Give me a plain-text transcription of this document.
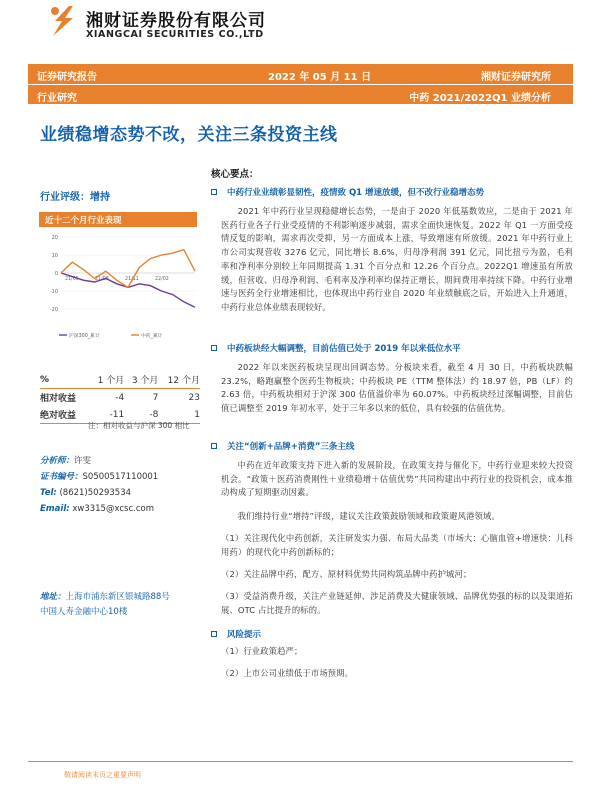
湘财证券股份有限公司
XIANGCAI SECURITIES CO.,LTD
证券研究报告	2022 年 05 月 11 日	湘财证券研究所
行业研究	中药 2021/2022Q1 业绩分析
业绩稳增态势不改，关注三条投资主线
行业评级：增持
近十二个月行业表现
20
10
0
-10
-20
21/05	21/08	21/11	22/02
沪深300_累计	中药_累计
%	1 个月	3 个月	12 个月
相对收益	-4	7	23
绝对收益	-11	-8	1
注：相对收益与沪深 300 相比
分析师：许雯
证书编号：S0500517110001
Tel: (8621)50293534
Email: xw3315@xcsc.com
地址：上海市浦东新区银城路88号
中国人寿金融中心10楼
核心要点：
中药行业业绩彰显韧性，疫情致 Q1 增速放缓，但不改行业稳增态势
2021 年中药行业呈现稳健增长态势，一是由于 2020 年低基数效应，二是由于 2021 年医药行业各子行业受疫情的不利影响逐步减弱，需求全面快速恢复。2022 年 Q1 一方面受疫情反复的影响，需求再次受抑，另一方面成本上涨，导致增速有所放缓。2021 年中药行业上市公司实现营收 3276 亿元，同比增长 8.6%，归母净利润 391 亿元，同比扭亏为盈，毛利率和净利率分别较上年同期提高 1.31 个百分点和 12.26 个百分点。2022Q1 增速虽有所放缓，但营收、归母净利润、毛利率及净利率均保持正增长，期间费用率持续下降。中药行业增速与医药全行业增速相比，也体现出中药行业自 2020 年业绩触底之后，开始进入上升通道，中药行业总体业绩表现较好。
中药板块经大幅调整，目前估值已处于 2019 年以来低位水平
2022 年以来医药板块呈现出回调态势。分板块来看，截至 4 月 30 日，中药板块跌幅 23.2%，略跑赢整个医药生物板块；中药板块 PE（TTM 整体法）约 18.97 倍，PB（LF）约 2.63 倍，中药板块相对于沪深 300 估值溢价率为 60.07%。中药板块经过深幅调整，目前估值已调整至 2019 年初水平，处于三年多以来的低位，具有较强的估值优势。
关注“创新+品牌+消费”三条主线
中药在近年政策支持下进入新的发展阶段，在政策支持与催化下，中药行业迎来较大投资机会。“政策＋医药消费刚性＋业绩稳增＋估值优势”共同构建出中药行业的投资机会，成本推动构成了短期驱动因素。
我们维持行业“增持”评级，建议关注政策鼓励领域和政策避风港领域。
（1）关注现代化中药创新，关注研发实力强、布局大品类（市场大：心脑血管+增速快：儿科用药）的现代化中药创新标的；
（2）关注品牌中药，配方、原材料优势共同构筑品牌中药护城河；
（3）受益消费升级，关注产业链延伸、涉足消费及大健康领域、品牌优势强的标的以及渠道拓展、OTC 占比提升的标的。
风险提示
（1）行业政策趋严；
（2）上市公司业绩低于市场预期。
敬请阅读末页之重要声明
